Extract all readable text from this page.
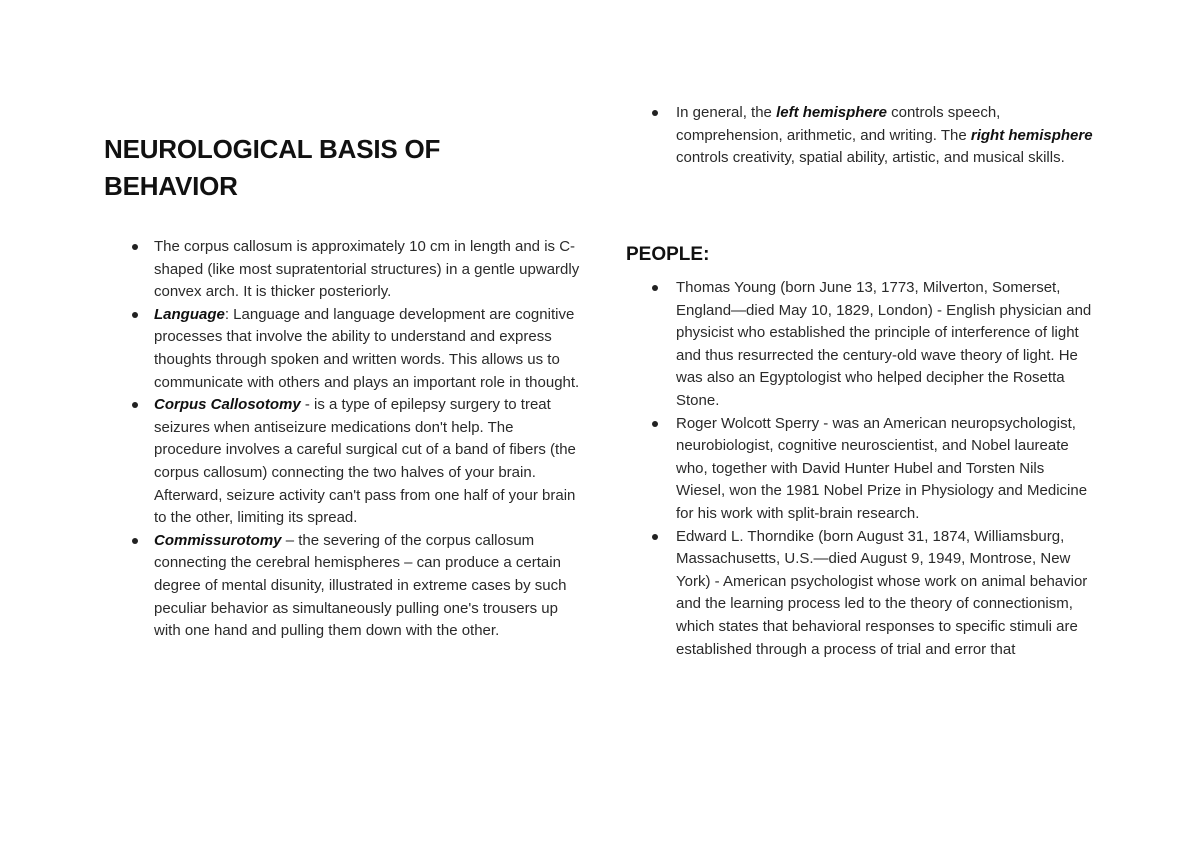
NEUROLOGICAL BASIS OF BEHAVIOR
The corpus callosum is approximately 10 cm in length and is C-shaped (like most supratentorial structures) in a gentle upwardly convex arch. It is thicker posteriorly.
Language: Language and language development are cognitive processes that involve the ability to understand and express thoughts through spoken and written words. This allows us to communicate with others and plays an important role in thought.
Corpus Callosotomy - is a type of epilepsy surgery to treat seizures when antiseizure medications don't help. The procedure involves a careful surgical cut of a band of fibers (the corpus callosum) connecting the two halves of your brain. Afterward, seizure activity can't pass from one half of your brain to the other, limiting its spread.
Commissurotomy – the severing of the corpus callosum connecting the cerebral hemispheres – can produce a certain degree of mental disunity, illustrated in extreme cases by such peculiar behavior as simultaneously pulling one's trousers up with one hand and pulling them down with the other.
In general, the left hemisphere controls speech, comprehension, arithmetic, and writing. The right hemisphere controls creativity, spatial ability, artistic, and musical skills.
PEOPLE:
Thomas Young (born June 13, 1773, Milverton, Somerset, England—died May 10, 1829, London) - English physician and physicist who established the principle of interference of light and thus resurrected the century-old wave theory of light. He was also an Egyptologist who helped decipher the Rosetta Stone.
Roger Wolcott Sperry - was an American neuropsychologist, neurobiologist, cognitive neuroscientist, and Nobel laureate who, together with David Hunter Hubel and Torsten Nils Wiesel, won the 1981 Nobel Prize in Physiology and Medicine for his work with split-brain research.
Edward L. Thorndike (born August 31, 1874, Williamsburg, Massachusetts, U.S.—died August 9, 1949, Montrose, New York) - American psychologist whose work on animal behavior and the learning process led to the theory of connectionism, which states that behavioral responses to specific stimuli are established through a process of trial and error that
